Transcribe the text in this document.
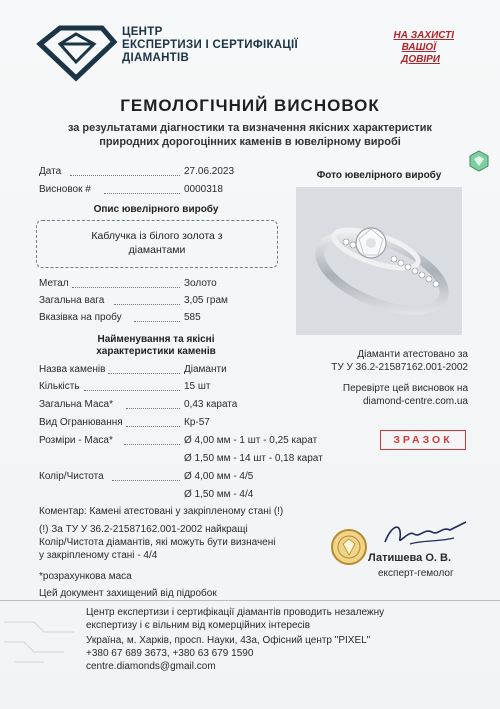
ЦЕНТР
ЕКСПЕРТИЗИ І СЕРТИФІКАЦІЇ
ДІАМАНТІВ
НА ЗАХИСТІ
ВАШОЇ
ДОВІРИ
ГЕМОЛОГІЧНИЙ ВИСНОВОК
за результатами діагностики та визначення якісних характеристик
природних дорогоцінних каменів в ювелірному виробі
Дата	27.06.2023
Висновок #	0000318
Опис ювелірного виробу
Каблучка із білого золота з
діамантами
Фото ювелірного виробу
Метал	Золото
Загальна вага	3,05 грам
Вказівка на пробу	585
Найменування та якісні
характеристики каменів
Назва каменів	Діаманти
Кількість	15 шт
Загальна Маса*	0,43 карата
Вид Огранювання	Кр-57
Розміри - Маса*	Ø 4,00 мм - 1 шт - 0,25 карат
Ø 1,50 мм - 14 шт - 0,18 карат
Колір/Чистота	Ø 4,00 мм - 4/5
Ø 1,50 мм - 4/4
Діаманти атестовано за
ТУ У 36.2-21587162.001-2002
Перевірте цей висновок на
diamond-centre.com.ua
ЗРАЗОК
Коментар: Камені атестовані у закріпленому стані (!)
(!) За ТУ У 36.2-21587162.001-2002 найкращі
Колір/Чистота діамантів, які можуть бути визначені
у закріпленому стані - 4/4
*розрахункова маса
Цей документ захищений від підробок
Латишева О. В.
експерт-гемолог
Центр експертизи і сертифікації діамантів проводить незалежну
експертизу і є вільним від комерційних інтересів
Україна, м. Харків, просп. Науки, 43а, Офісний центр "PIXEL"
+380 67 689 3673, +380 63 679 1590
centre.diamonds@gmail.com
